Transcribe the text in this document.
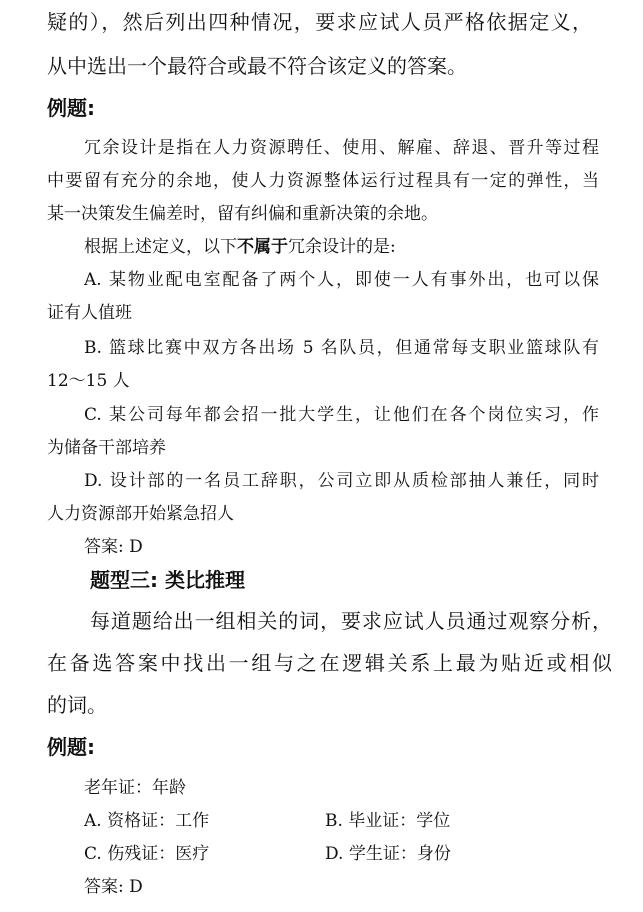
疑的），然后列出四种情况，要求应试人员严格依据定义，
从中选出一个最符合或最不符合该定义的答案。
例题:
冗余设计是指在人力资源聘任、使用、解雇、辞退、晋升等过程
中要留有充分的余地，使人力资源整体运行过程具有一定的弹性，当
某一决策发生偏差时，留有纠偏和重新决策的余地。
根据上述定义，以下不属于冗余设计的是:
A. 某物业配电室配备了两个人，即使一人有事外出，也可以保
证有人值班
B. 篮球比赛中双方各出场 5 名队员，但通常每支职业篮球队有
12～15 人
C. 某公司每年都会招一批大学生，让他们在各个岗位实习，作
为储备干部培养
D. 设计部的一名员工辞职，公司立即从质检部抽人兼任，同时
人力资源部开始紧急招人
答案: D
题型三: 类比推理
每道题给出一组相关的词，要求应试人员通过观察分析，
在备选答案中找出一组与之在逻辑关系上最为贴近或相似
的词。
例题:
老年证：年龄
A. 资格证：工作	B. 毕业证：学位
C. 伤残证：医疗	D. 学生证：身份
答案: D
